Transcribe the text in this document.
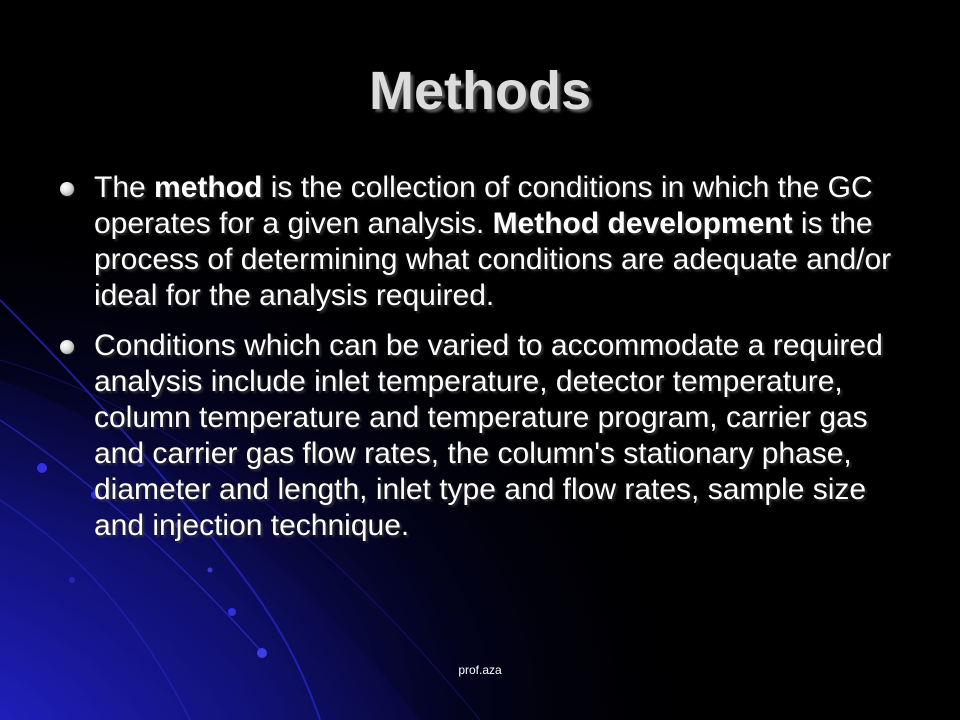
Methods
The method is the collection of conditions in which the GC operates for a given analysis. Method development is the process of determining what conditions are adequate and/or ideal for the analysis required.
Conditions which can be varied to accommodate a required analysis include inlet temperature, detector temperature, column temperature and temperature program, carrier gas and carrier gas flow rates, the column's stationary phase, diameter and length, inlet type and flow rates, sample size and injection technique.
prof.aza
